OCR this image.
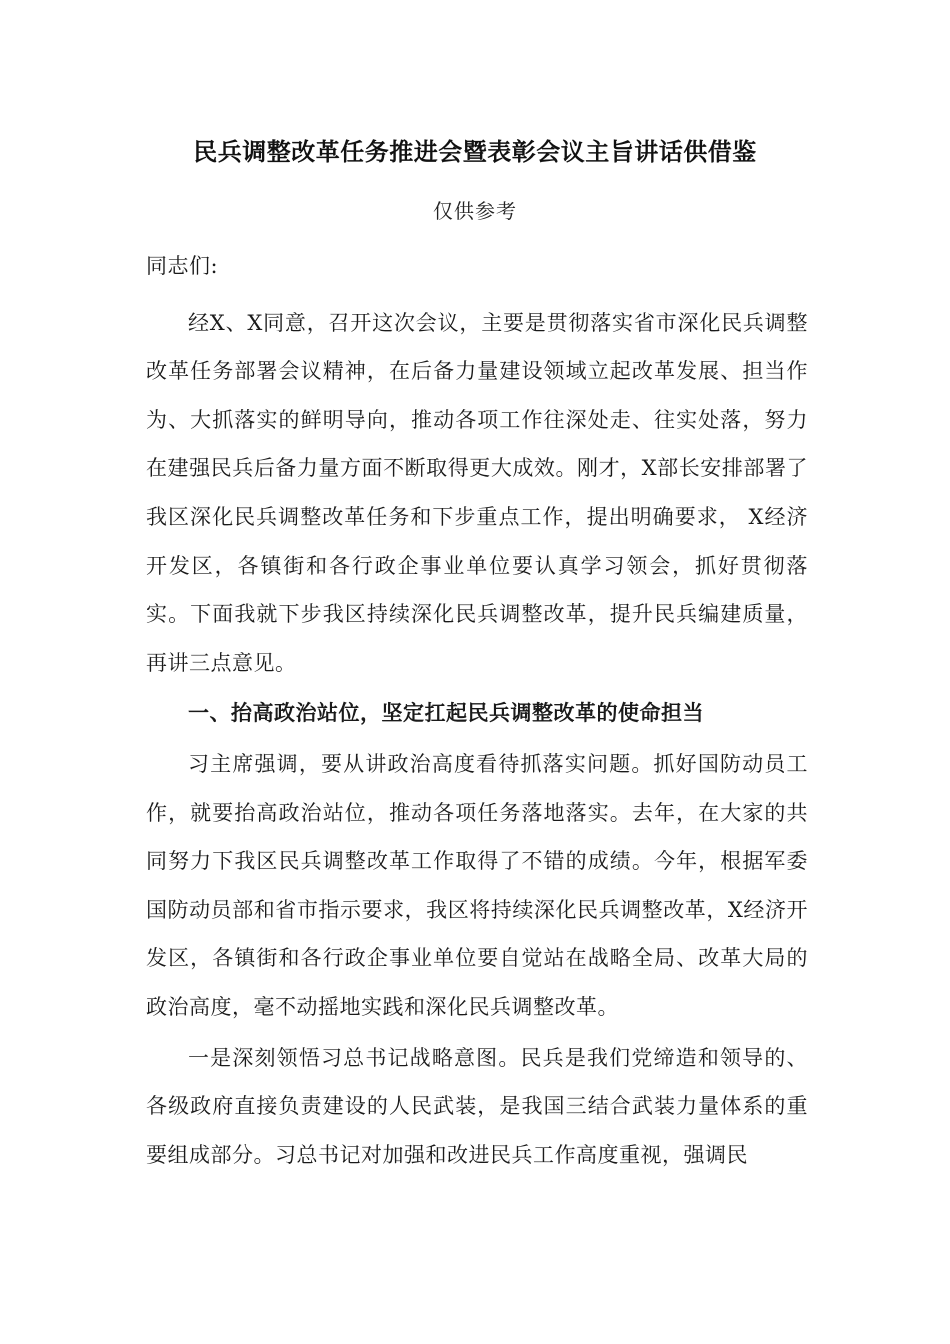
民兵调整改革任务推进会暨表彰会议主旨讲话供借鉴
仅供参考

同志们:

经X、X同意，召开这次会议，主要是贯彻落实省市深化民兵调整改革任务部署会议精神，在后备力量建设领域立起改革发展、担当作为、大抓落实的鲜明导向，推动各项工作往深处走、往实处落，努力在建强民兵后备力量方面不断取得更大成效。刚才，X部长安排部署了我区深化民兵调整改革任务和下步重点工作，提出明确要求， X经济开发区，各镇街和各行政企事业单位要认真学习领会，抓好贯彻落实。下面我就下步我区持续深化民兵调整改革，提升民兵编建质量，再讲三点意见。

一、抬高政治站位，坚定扛起民兵调整改革的使命担当

习主席强调，要从讲政治高度看待抓落实问题。抓好国防动员工作，就要抬高政治站位，推动各项任务落地落实。去年，在大家的共同努力下我区民兵调整改革工作取得了不错的成绩。今年，根据军委国防动员部和省市指示要求，我区将持续深化民兵调整改革，X经济开发区，各镇街和各行政企事业单位要自觉站在战略全局、改革大局的政治高度，毫不动摇地实践和深化民兵调整改革。

一是深刻领悟习总书记战略意图。民兵是我们党缔造和领导的、各级政府直接负责建设的人民武装，是我国三结合武装力量体系的重要组成部分。习总书记对加强和改进民兵工作高度重视，强调民
